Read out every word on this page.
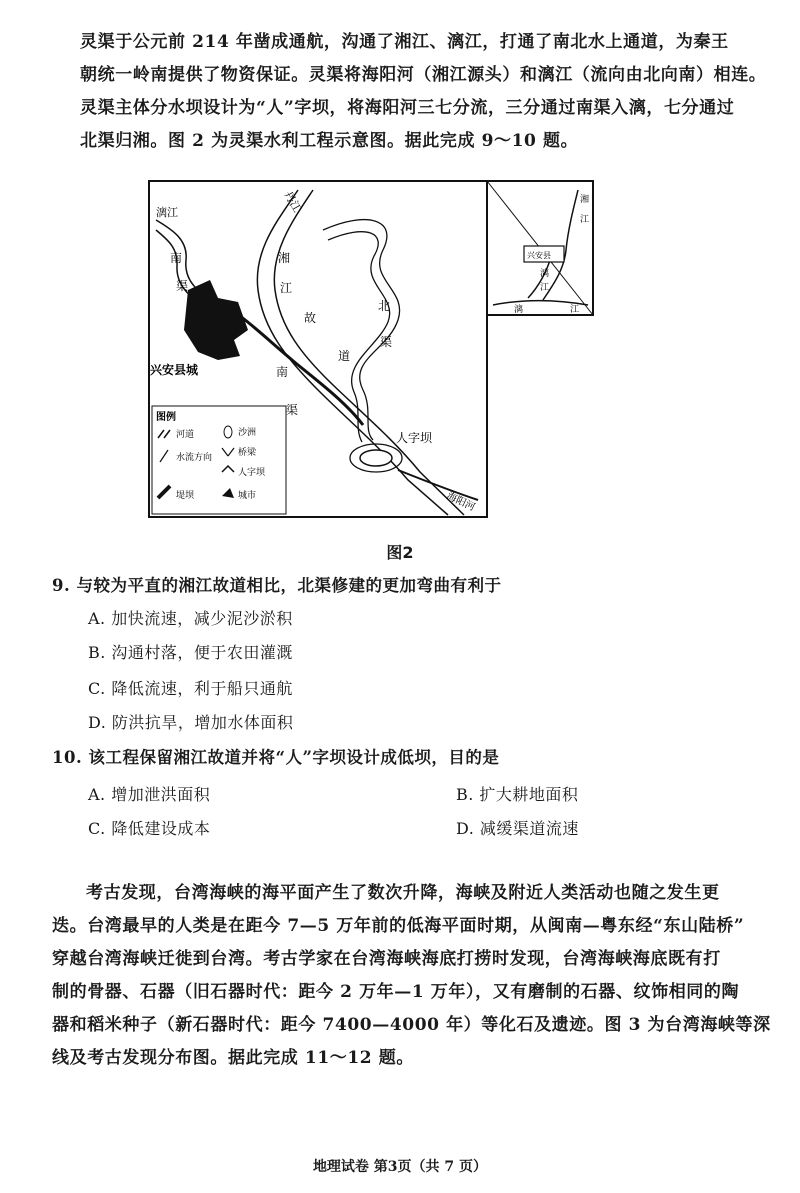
灵渠于公元前 214 年凿成通航，沟通了湘江、漓江，打通了南北水上通道，为秦王
朝统一岭南提供了物资保证。灵渠将海阳河（湘江源头）和漓江（流向由北向南）相连。
灵渠主体分水坝设计为“人”字坝，将海阳河三七分流，三分通过南渠入漓，七分通过
北渠归湘。图 2 为灵渠水利工程示意图。据此完成 9～10 题。
漓江
南
渠
兴安县城
湘
江
故
道
北
渠
南
渠
人字坝
丹江
海阳河
图例
河道	沙洲
水流方向	桥梁
堤坝
人字坝
城市
湘
江
兴安县
漓
江
漓	江
图2
9. 与较为平直的湘江故道相比，北渠修建的更加弯曲有利于
A. 加快流速，减少泥沙淤积
B. 沟通村落，便于农田灌溉
C. 降低流速，利于船只通航
D. 防洪抗旱，增加水体面积
10. 该工程保留湘江故道并将“人”字坝设计成低坝，目的是
A. 增加泄洪面积	B. 扩大耕地面积
C. 降低建设成本	D. 减缓渠道流速
考古发现，台湾海峡的海平面产生了数次升降，海峡及附近人类活动也随之发生更
迭。台湾最早的人类是在距今 7—5 万年前的低海平面时期，从闽南—粤东经“东山陆桥”
穿越台湾海峡迁徙到台湾。考古学家在台湾海峡海底打捞时发现，台湾海峡海底既有打
制的骨器、石器（旧石器时代：距今 2 万年—1 万年），又有磨制的石器、纹饰相同的陶
器和稻米种子（新石器时代：距今 7400—4000 年）等化石及遗迹。图 3 为台湾海峡等深
线及考古发现分布图。据此完成 11～12 题。
地理试卷 第3页（共 7 页）
